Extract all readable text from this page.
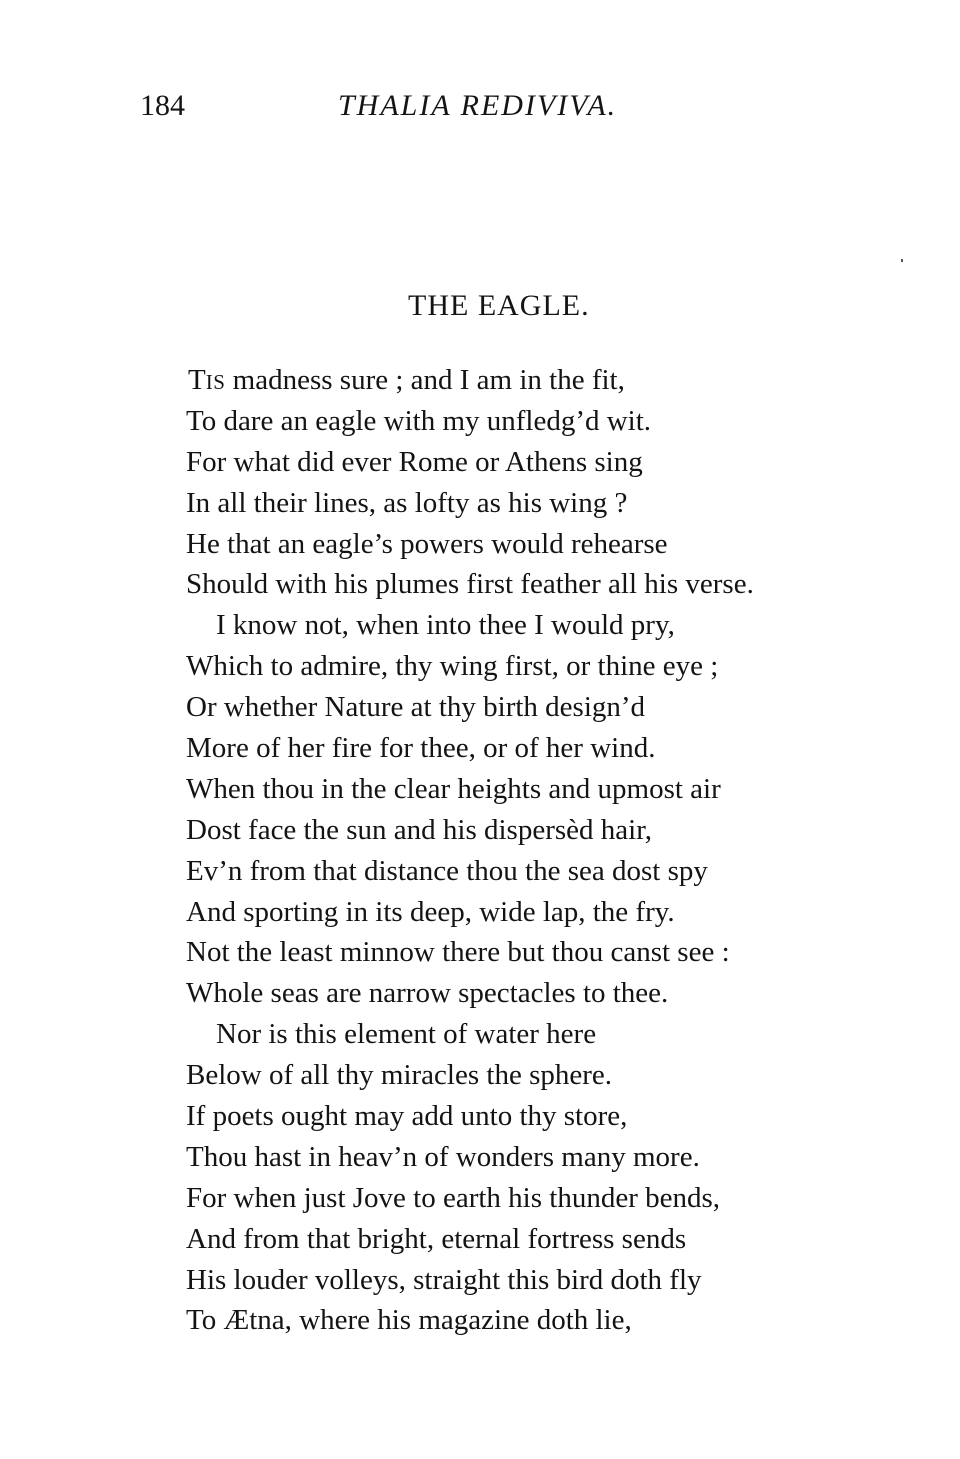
184	THALIA REDIVIVA.
THE EAGLE.
TIS madness sure ; and I am in the fit,
To dare an eagle with my unfledg’d wit.
For what did ever Rome or Athens sing
In all their lines, as lofty as his wing ?
He that an eagle’s powers would rehearse
Should with his plumes first feather all his verse.
I know not, when into thee I would pry,
Which to admire, thy wing first, or thine eye ;
Or whether Nature at thy birth design’d
More of her fire for thee, or of her wind.
When thou in the clear heights and upmost air
Dost face the sun and his dispersèd hair,
Ev’n from that distance thou the sea dost spy
And sporting in its deep, wide lap, the fry.
Not the least minnow there but thou canst see :
Whole seas are narrow spectacles to thee.
Nor is this element of water here
Below of all thy miracles the sphere.
If poets ought may add unto thy store,
Thou hast in heav’n of wonders many more.
For when just Jove to earth his thunder bends,
And from that bright, eternal fortress sends
His louder volleys, straight this bird doth fly
To Ætna, where his magazine doth lie,
